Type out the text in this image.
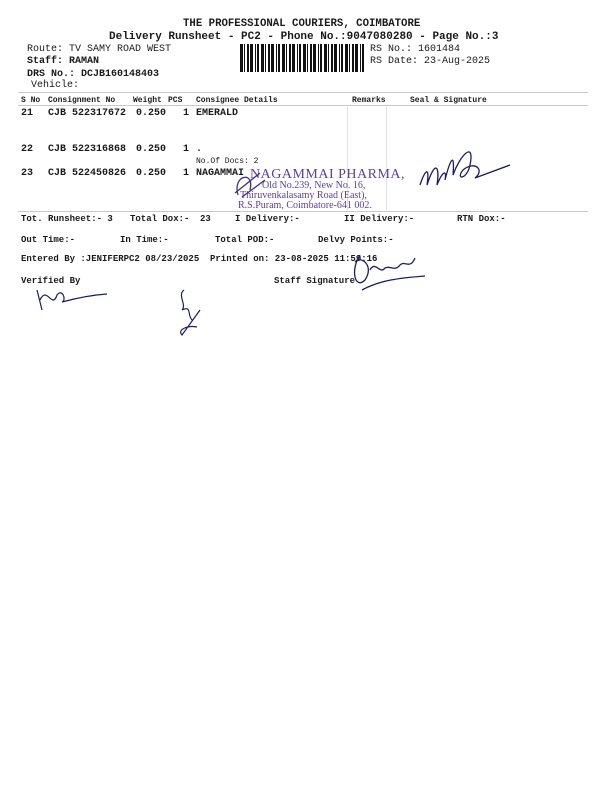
THE PROFESSIONAL COURIERS, COIMBATORE
Delivery Runsheet - PC2 - Phone No.:9047080280 - Page No.:3
Route: TV SAMY ROAD WEST
Staff: RAMAN
DRS No.: DCJB160148403
Vehicle:
RS No.: 1601484
RS Date: 23-Aug-2025
S No Consignment No Weight PCS Consignee Details	Remarks	Seal & Signature
21 CJB 522317672 0.250 1 EMERALD
22 CJB 522316868 0.250 1 .
No.Of Docs: 2
23 CJB 522450826 0.250 1 NAGAMMAI
Tot. Runsheet:- 3 Total Dox:- 23	I Delivery:-	II Delivery:-	RTN Dox:-
Out Time:-	In Time:-	Total POD:-	Delvy Points:-
Entered By :JENIFERPC2 08/23/2025 Printed on: 23-08-2025 11:59:16
Verified By	Staff Signature
NAGAMMAI PHARMA,
Old No.239, New No. 16,
Thiruvenkalasamy Road (East),
R.S.Puram, Coimbatore-641 002.
